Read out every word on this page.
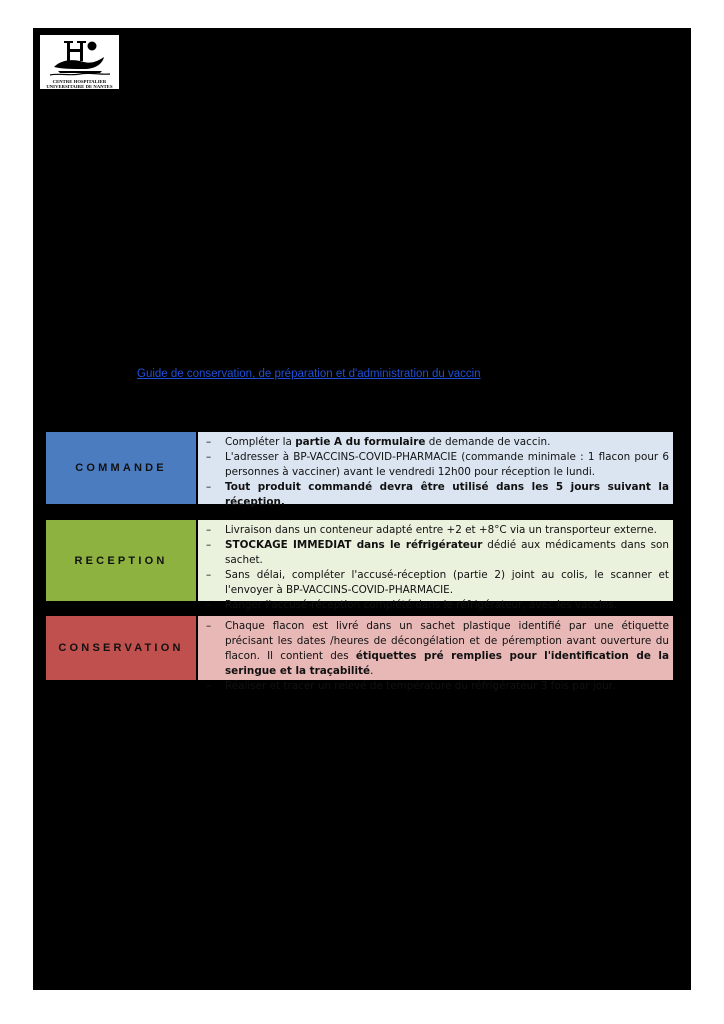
CENTRE HOSPITALIER
UNIVERSITAIRE DE NANTES
Guide de conservation, de préparation et d'administration du vaccin
COMMANDE
– Compléter la partie A du formulaire de demande de vaccin.
– L'adresser à BP-VACCINS-COVID-PHARMACIE (commande minimale : 1 flacon pour 6 personnes à vacciner) avant le vendredi 12h00 pour réception le lundi.
– Tout produit commandé devra être utilisé dans les 5 jours suivant la réception.
RECEPTION
– Livraison dans un conteneur adapté entre +2 et +8°C via un transporteur externe.
– STOCKAGE IMMEDIAT dans le réfrigérateur dédié aux médicaments dans son sachet.
– Sans délai, compléter l'accusé-réception (partie 2) joint au colis, le scanner et l'envoyer à BP-VACCINS-COVID-PHARMACIE.
– Ranger l'accusé-réception complété dans le réfrigérateur, avec les vaccins.
CONSERVATION
– Chaque flacon est livré dans un sachet plastique identifié par une étiquette précisant les dates /heures de décongélation et de péremption avant ouverture du flacon. Il contient des étiquettes pré remplies pour l'identification de la seringue et la traçabilité.
– Réaliser et tracer un relevé de température du réfrigérateur 3 fois par jour.
